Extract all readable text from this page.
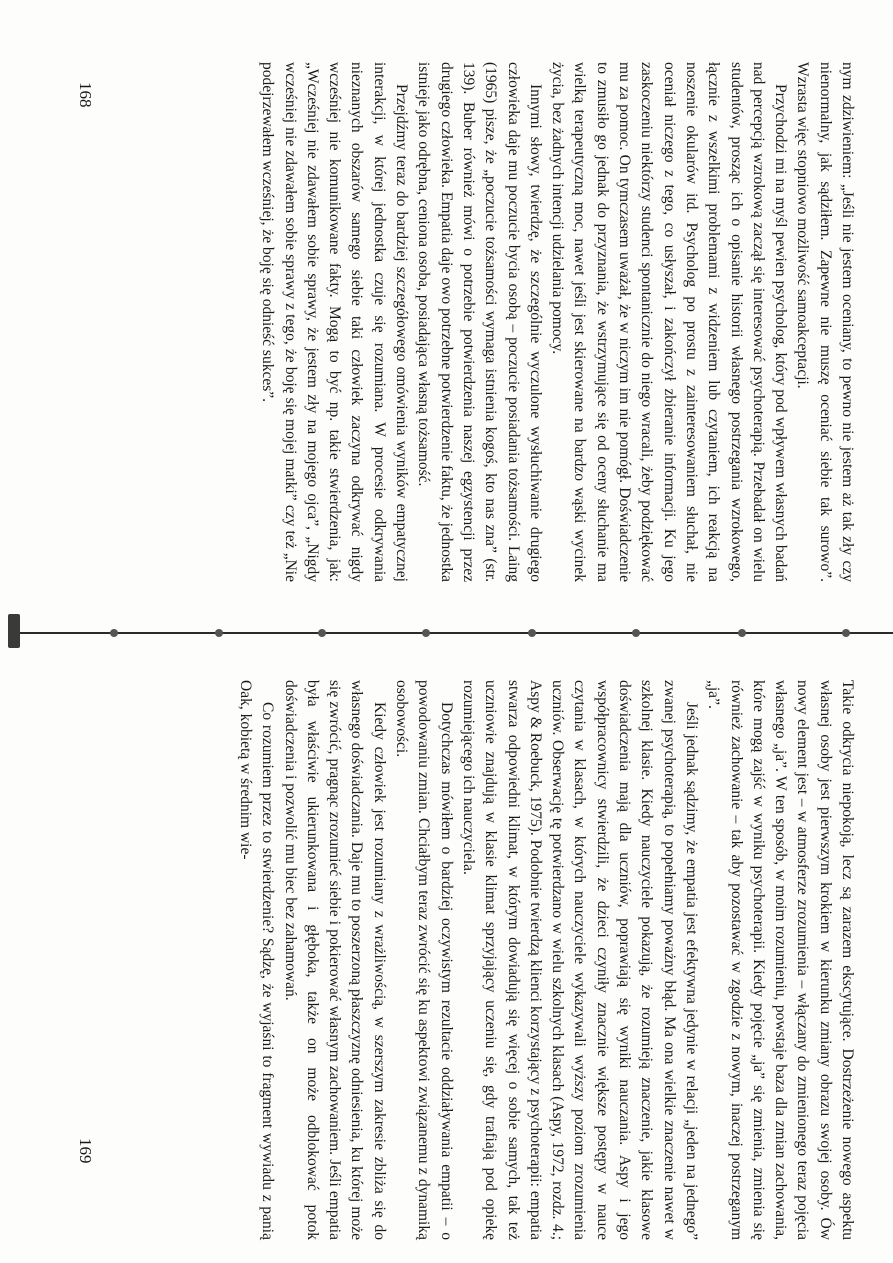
nym zdziwieniem: „Jeśli nie jestem oceniany, to pewno nie jestem aż tak zły czy nienormalny, jak sądziłem. Zapewne nie muszę oceniać siebie tak surowo”. Wzrasta więc stopniowo możliwość samoakceptacji.

Przychodzi mi na myśl pewien psycholog, który pod wpływem własnych badań nad percepcją wzrokową zaczął się interesować psychoterapią. Przebadał on wielu studentów, prosząc ich o opisanie historii własnego postrzegania wzrokowego, łącznie z wszelkimi problemami z widzeniem lub czytaniem, ich reakcją na noszenie okularów itd. Psycholog po prostu z zainteresowaniem słuchał, nie oceniał niczego z tego, co usłyszał, i zakończył zbieranie informacji. Ku jego zaskoczeniu niektórzy studenci spontanicznie do niego wracali, żeby podziękować mu za pomoc. On tymczasem uważał, że w niczym im nie pomógł. Doświadczenie to zmusiło go jednak do przyznania, że wstrzymujące się od oceny słuchanie ma wielką terapeutyczną moc, nawet jeśli jest skierowane na bardzo wąski wycinek życia, bez żadnych intencji udzielania pomocy.

Innymi słowy, twierdzę, że szczególnie wyczulone wysłuchiwanie drugiego człowieka daje mu poczucie bycia osobą – poczucie posiadania tożsamości. Laing (1965) pisze, że „poczucie tożsamości wymaga istnienia kogoś, kto nas zna” (str. 139). Buber również mówi o potrzebie potwierdzenia naszej egzystencji przez drugiego człowieka. Empatia daje owo potrzebne potwierdzenie faktu, że jednostka istnieje jako odrębna, ceniona osoba, posiadająca własną tożsamość.

Przejdźmy teraz do bardziej szczegółowego omówienia wyników empatycznej interakcji, w której jednostka czuje się rozumiana. W procesie odkrywania nieznanych obszarów samego siebie taki człowiek zaczyna odkrywać nigdy wcześniej nie komunikowane fakty. Mogą to być np. takie stwierdzenia, jak: „Wcześniej nie zdawałem sobie sprawy, że jestem zły na mojego ojca”, „Nigdy wcześniej nie zdawałem sobie sprawy z tego, że boję się mojej matki” czy też „Nie podejrzewałem wcześniej, że boję się odnieść sukces”.

168

Takie odkrycia niepokoją, lecz są zarazem ekscytujące. Dostrzeżenie nowego aspektu własnej osoby jest pierwszym krokiem w kierunku zmiany obrazu swojej osoby. Ów nowy element jest – w atmosferze zrozumienia – włączany do zmienionego teraz pojęcia własnego „ja”. W ten sposób, w moim rozumieniu, powstaje baza dla zmian zachowania, które mogą zajść w wyniku psychoterapii. Kiedy pojęcie „ja” się zmienia, zmienia się również zachowanie – tak aby pozostawać w zgodzie z nowym, inaczej postrzeganym „ja”.

Jeśli jednak sądzimy, że empatia jest efektywna jedynie w relacji „jeden na jednego” zwanej psychoterapią, to popełniamy poważny błąd. Ma ona wielkie znaczenie nawet w szkolnej klasie. Kiedy nauczyciele pokazują, że rozumieją znaczenie, jakie klasowe doświadczenia mają dla uczniów, poprawiają się wyniki nauczania. Aspy i jego współpracownicy stwierdzili, że dzieci czyniły znacznie większe postępy w nauce czytania w klasach, w których nauczyciele wykazywali wyższy poziom zrozumienia uczniów. Obserwację tę potwierdzano w wielu szkolnych klasach (Aspy, 1972, rozdz. 4.; Aspy & Roebuck, 1975). Podobnie twierdzą klienci korzystający z psychoterapii: empatia stwarza odpowiedni klimat, w którym dowiadują się więcej o sobie samych, tak też uczniowie znajdują w klasie klimat sprzyjający uczeniu się, gdy trafiają pod opiekę rozumiejącego ich nauczyciela.

Dotychczas mówiłem o bardziej oczywistym rezultacie oddziaływania empatii – o powodowaniu zmian. Chciałbym teraz zwrócić się ku aspektowi związanemu z dynamiką osobowości.

Kiedy człowiek jest rozumiany z wrażliwością, w szerszym zakresie zbliża się do własnego doświadczania. Daje mu to poszerzoną płaszczyznę odniesienia, ku której może się zwrócić, pragnąc zrozumieć siebie i pokierować własnym zachowaniem. Jeśli empatia była właściwie ukierunkowana i głęboka, także on może odblokować potok doświadczenia i pozwolić mu biec bez zahamowań.

Co rozumiem przez to stwierdzenie? Sądzę, że wyjaśni to fragment wywiadu z panią Oak, kobietą w średnim wie-

169
